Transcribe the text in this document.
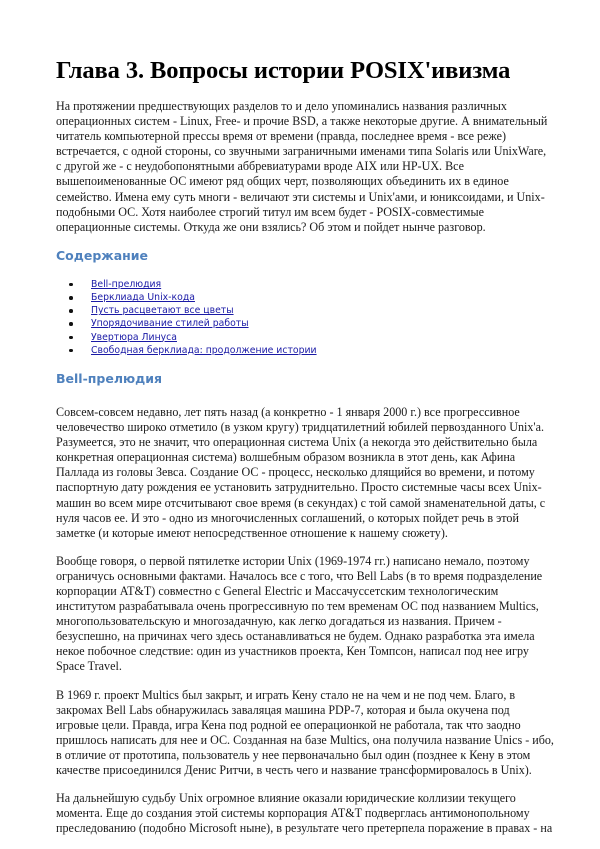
Глава 3. Вопросы истории POSIX'ивизма

На протяжении предшествующих разделов то и дело упоминались названия различных
операционных систем - Linux, Free- и прочие BSD, а также некоторые другие. А внимательный
читатель компьютерной прессы время от времени (правда, последнее время - все реже)
встречается, с одной стороны, со звучными заграничными именами типа Solaris или UnixWare,
с другой же - с неудобопонятными аббревиатурами вроде AIX или HP-UX. Все
вышепоименованные ОС имеют ряд общих черт, позволяющих объединить их в единое
семейство. Имена ему суть многи - величают эти системы и Unix'ами, и юниксоидами, и Unix-
подобными ОС. Хотя наиболее строгий титул им всем будет - POSIX-совместимые
операционные системы. Откуда же они взялись? Об этом и пойдет нынче разговор.

Содержание
Bell-прелюдия
Берклиада Unix-кода
Пусть расцветают все цветы
Упорядочивание стилей работы
Увертюра Линуса
Свободная берклиада: продолжение истории
Bell-прелюдия

Совсем-совсем недавно, лет пять назад (а конкретно - 1 января 2000 г.) все прогрессивное
человечество широко отметило (в узком кругу) тридцатилетний юбилей первозданного Unix'а.
Разумеется, это не значит, что операционная система Unix (а некогда это действительно была
конкретная операционная система) волшебным образом возникла в этот день, как Афина
Паллада из головы Зевса. Создание ОС - процесс, несколько длящийся во времени, и потому
паспортную дату рождения ее установить затруднительно. Просто системные часы всех Unix-
машин во всем мире отсчитывают свое время (в секундах) с той самой знаменательной даты, с
нуля часов ее. И это - одно из многочисленных соглашений, о которых пойдет речь в этой
заметке (и которые имеют непосредственное отношение к нашему сюжету).

Вообще говоря, о первой пятилетке истории Unix (1969-1974 гг.) написано немало, поэтому
ограничусь основными фактами. Началось все с того, что Bell Labs (в то время подразделение
корпорации AT&T) совместно с General Electric и Массачуссетским технологическим
институтом разрабатывала очень прогрессивную по тем временам ОС под названием Multics,
многопользовательскую и многозадачную, как легко догадаться из названия. Причем -
безуспешно, на причинах чего здесь останавливаться не будем. Однако разработка эта имела
некое побочное следствие: один из участников проекта, Кен Томпсон, написал под нее игру
Space Travel.

В 1969 г. проект Multics был закрыт, и играть Кену стало не на чем и не под чем. Благо, в
закромах Bell Labs обнаружилась заваляцая машина PDP-7, которая и была окучена под
игровые цели. Правда, игра Кена под родной ее операционкой не работала, так что заодно
пришлось написать для нее и ОС. Созданная на базе Multics, она получила название Unics - ибо,
в отличие от прототипа, пользователь у нее первоначально был один (позднее к Кену в этом
качестве присоединился Денис Ритчи, в честь чего и название трансформировалось в Unix).

На дальнейшую судьбу Unix огромное влияние оказали юридические коллизии текущего
момента. Еще до создания этой системы корпорация AT&T подверглась антимонопольному
преследованию (подобно Microsoft ныне), в результате чего претерпела поражение в правах - на
